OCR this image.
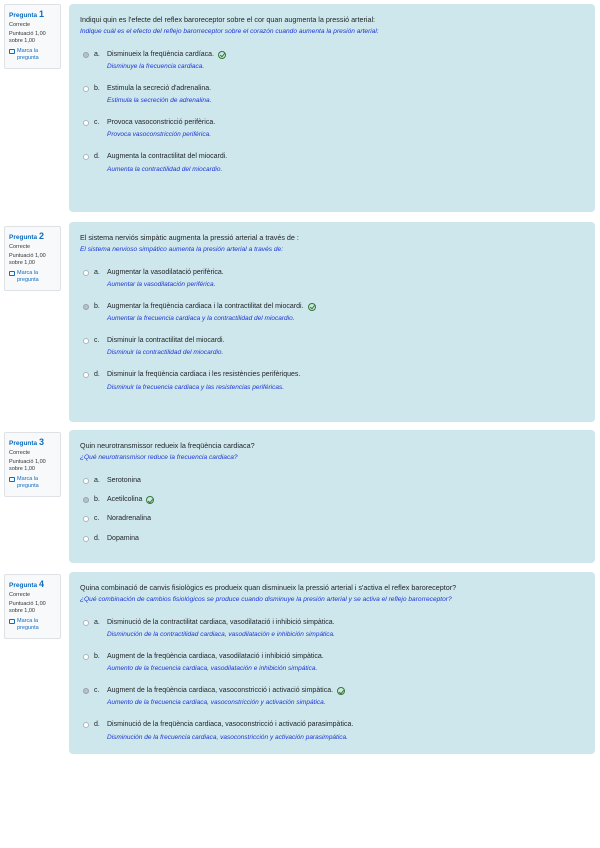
Pregunta 1
Correcte
Puntuació 1,00 sobre 1,00
Marca la pregunta
Indiqui quin es l'efecte del reflex baroreceptor sobre el cor quan augmenta la pressió arterial:
Indique cuál es el efecto del reflejo barorreceptor sobre el corazón cuando aumenta la presión arterial:
a.	Disminueix la freqüència cardíaca.
Disminuye la frecuencia cardiaca.
b.	Estimula la secreció d'adrenalina.
Estimula la secreción de adrenalina.
c.	Provoca vasoconstricció perifèrica.
Provoca vasoconstricción periférica.
d.	Augmenta la contractilitat del miocardi.
Aumenta la contractilidad del miocardio.
Pregunta 2
Correcte
Puntuació 1,00 sobre 1,00
Marca la pregunta
El sistema nerviós simpàtic augmenta la pressió arterial a través de :
El sistema nervioso simpático aumenta la presión arterial a través de:
a.	Augmentar la vasodilatació perifèrica.
Aumentar la vasodilatación periférica.
b.	Augmentar la freqüència cardiaca i la contractilitat del miocardi.
Aumentar la frecuencia cardiaca y la contractilidad del miocardio.
c.	Disminuir la contractilitat del miocardi.
Disminuir la contractilidad del miocardio.
d.	Disminuir la freqüència cardiaca i les resistències perifèriques.
Disminuir la frecuencia cardiaca y las resistencias periféricas.
Pregunta 3
Correcte
Puntuació 1,00 sobre 1,00
Marca la pregunta
Quin neurotransmissor redueix la freqüència cardiaca?
¿Qué neurotransmisor reduce la frecuencia cardiaca?
a.	Serotonina
b.	Acetilcolina
c.	Noradrenalina
d.	Dopamina
Pregunta 4
Correcte
Puntuació 1,00 sobre 1,00
Marca la pregunta
Quina combinació de canvis fisiològics es produeix quan disminueix la pressió arterial i s'activa el reflex baroreceptor?
¿Qué combinación de cambios fisiológicos se produce cuando disminuye la presión arterial y se activa el reflejo barorreceptor?
a.	Disminució de la contractilitat cardiaca, vasodilatació i inhibició simpàtica.
Disminución de la contractilidad cardiaca, vasodilatación e inhibición simpática.
b.	Augment de la freqüència cardiaca, vasodilatació i inhibició simpàtica.
Aumento de la frecuencia cardiaca, vasodilatación e inhibición simpática.
c.	Augment de la freqüència cardiaca, vasoconstricció i activació simpàtica.
Aumento de la frecuencia cardiaca, vasoconstricción y activación simpática.
d.	Disminució de la freqüència cardiaca, vasoconstricció i activació parasimpàtica.
Disminución de la frecuencia cardiaca, vasoconstricción y activación parasimpática.
